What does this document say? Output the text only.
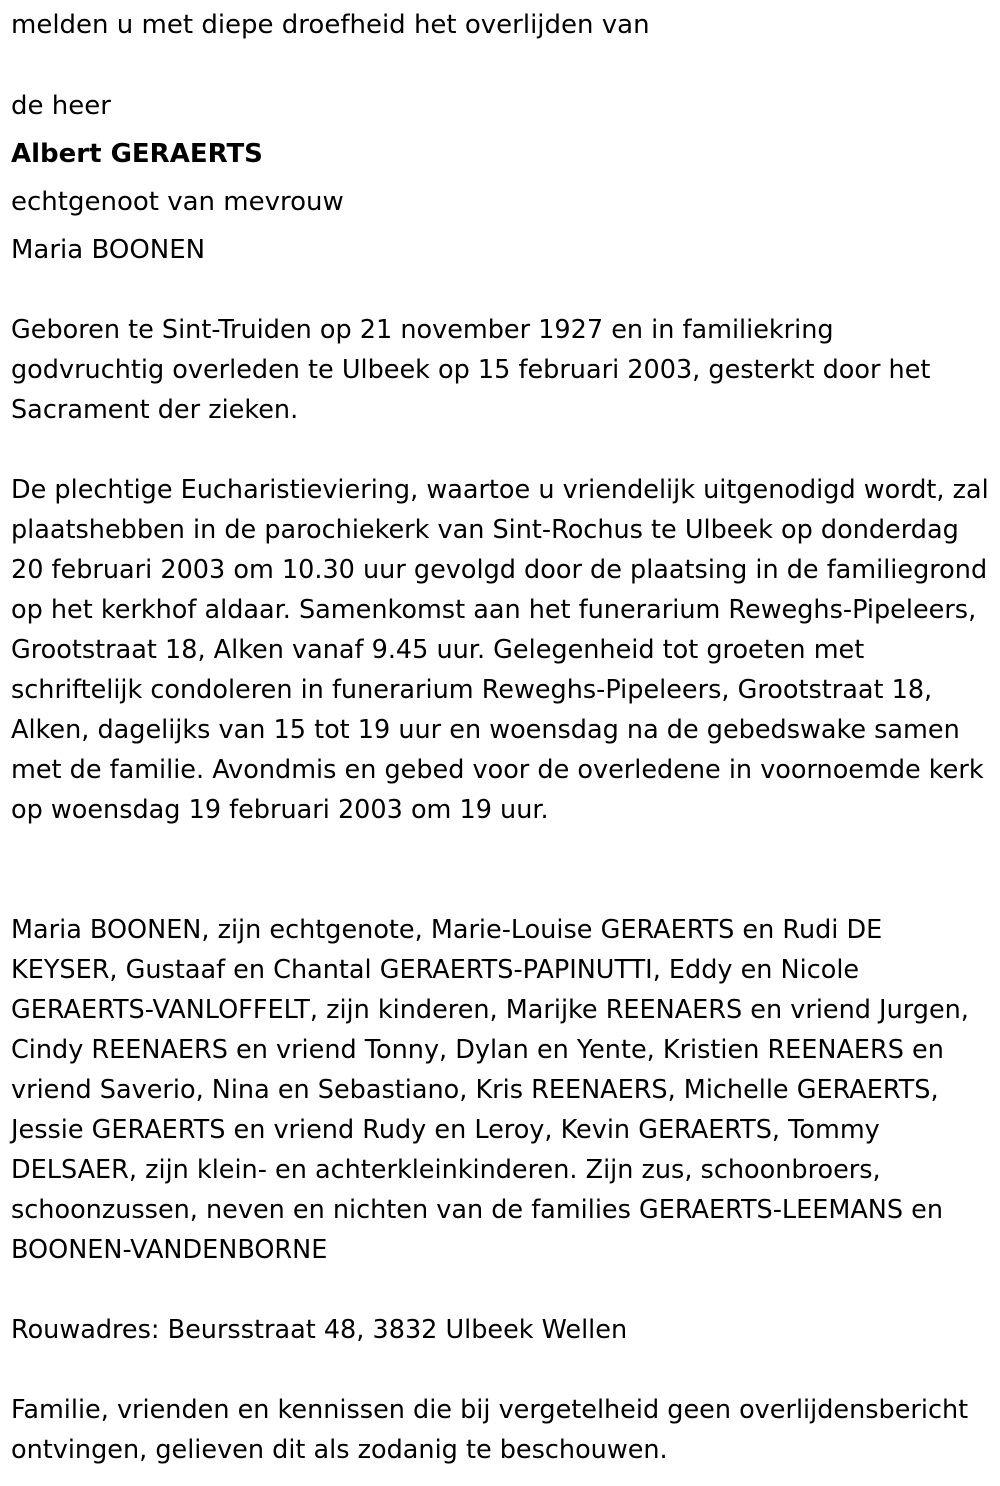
melden u met diepe droefheid het overlijden van

de heer

Albert GERAERTS

echtgenoot van mevrouw

Maria BOONEN

Geboren te Sint-Truiden op 21 november 1927 en in familiekring godvruchtig overleden te Ulbeek op 15 februari 2003, gesterkt door het Sacrament der zieken.

De plechtige Eucharistieviering, waartoe u vriendelijk uitgenodigd wordt, zal plaatshebben in de parochiekerk van Sint-Rochus te Ulbeek op donderdag 20 februari 2003 om 10.30 uur gevolgd door de plaatsing in de familiegrond op het kerkhof aldaar. Samenkomst aan het funerarium Reweghs-Pipeleers, Grootstraat 18, Alken vanaf 9.45 uur. Gelegenheid tot groeten met schriftelijk condoleren in funerarium Reweghs-Pipeleers, Grootstraat 18, Alken, dagelijks van 15 tot 19 uur en woensdag na de gebedswake samen met de familie. Avondmis en gebed voor de overledene in voornoemde kerk op woensdag 19 februari 2003 om 19 uur.

Maria BOONEN, zijn echtgenote, Marie-Louise GERAERTS en Rudi DE KEYSER, Gustaaf en Chantal GERAERTS-PAPINUTTI, Eddy en Nicole GERAERTS-VANLOFFELT, zijn kinderen, Marijke REENAERS en vriend Jurgen, Cindy REENAERS en vriend Tonny, Dylan en Yente, Kristien REENAERS en vriend Saverio, Nina en Sebastiano, Kris REENAERS, Michelle GERAERTS, Jessie GERAERTS en vriend Rudy en Leroy, Kevin GERAERTS, Tommy DELSAER, zijn klein- en achterkleinkinderen. Zijn zus, schoonbroers, schoonzussen, neven en nichten van de families GERAERTS-LEEMANS en BOONEN-VANDENBORNE

Rouwadres: Beursstraat 48, 3832 Ulbeek Wellen

Familie, vrienden en kennissen die bij vergetelheid geen overlijdensbericht ontvingen, gelieven dit als zodanig te beschouwen.
